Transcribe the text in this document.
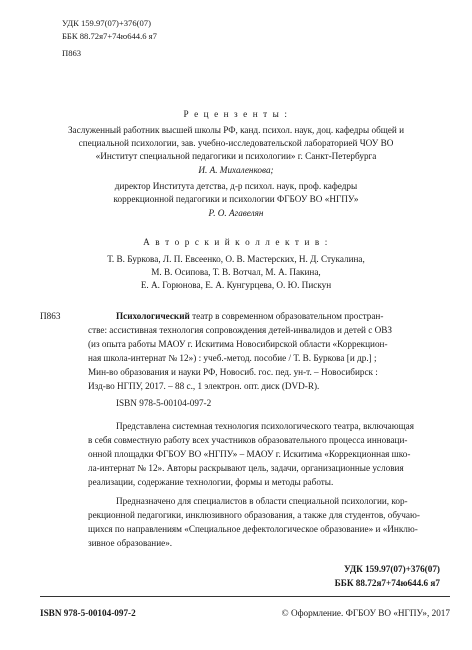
УДК 159.97(07)+376(07)
ББК 88.72я7+74ю644.6 я7
П863
Р е ц е н з е н т ы :
Заслуженный работник высшей школы РФ, канд. психол. наук, доц. кафедры общей и
специальной психологии, зав. учебно-исследовательской лабораторией ЧОУ ВО
«Институт специальной педагогики и психологии» г. Санкт-Петербурга
И. А. Михаленкова;
директор Института детства, д-р психол. наук, проф. кафедры
коррекционной педагогики и психологии ФГБОУ ВО «НГПУ»
Р. О. Агавелян
А в т о р с к и й к о л л е к т и в :
Т. В. Буркова, Л. П. Евсеенко, О. В. Мастерских, Н. Д. Стукалина,
М. В. Осипова, Т. В. Вотчал, М. А. Пакина,
Е. А. Горюнова, Е. А. Кунгурцева, О. Ю. Пискун
П863	Психологический театр в современном образовательном простран-
стве: ассистивная технология сопровождения детей-инвалидов и детей с ОВЗ
(из опыта работы МАОУ г. Искитима Новосибирской области «Коррекцион-
ная школа-интернат № 12») : учеб.-метод. пособие / Т. В. Буркова [и др.] ;
Мин-во образования и науки РФ, Новосиб. гос. пед. ун-т. – Новосибирск :
Изд-во НГПУ, 2017. – 88 с., 1 электрон. опт. диск (DVD-R).
ISBN 978-5-00104-097-2
Представлена системная технология психологического театра, включающая
в себя совместную работу всех участников образовательного процесса инноваци-
онной площадки ФГБОУ ВО «НГПУ» – МАОУ г. Искитима «Коррекционная шко-
ла-интернат № 12». Авторы раскрывают цель, задачи, организационные условия
реализации, содержание технологии, формы и методы работы.
Предназначено для специалистов в области специальной психологии, кор-
рекционной педагогики, инклюзивного образования, а также для студентов, обучаю-
щихся по направлениям «Специальное дефектологическое образование» и «Инклю-
зивное образование».
УДК 159.97(07)+376(07)
ББК 88.72я7+74ю644.6 я7
ISBN 978-5-00104-097-2	© Оформление. ФГБОУ ВО «НГПУ», 2017
